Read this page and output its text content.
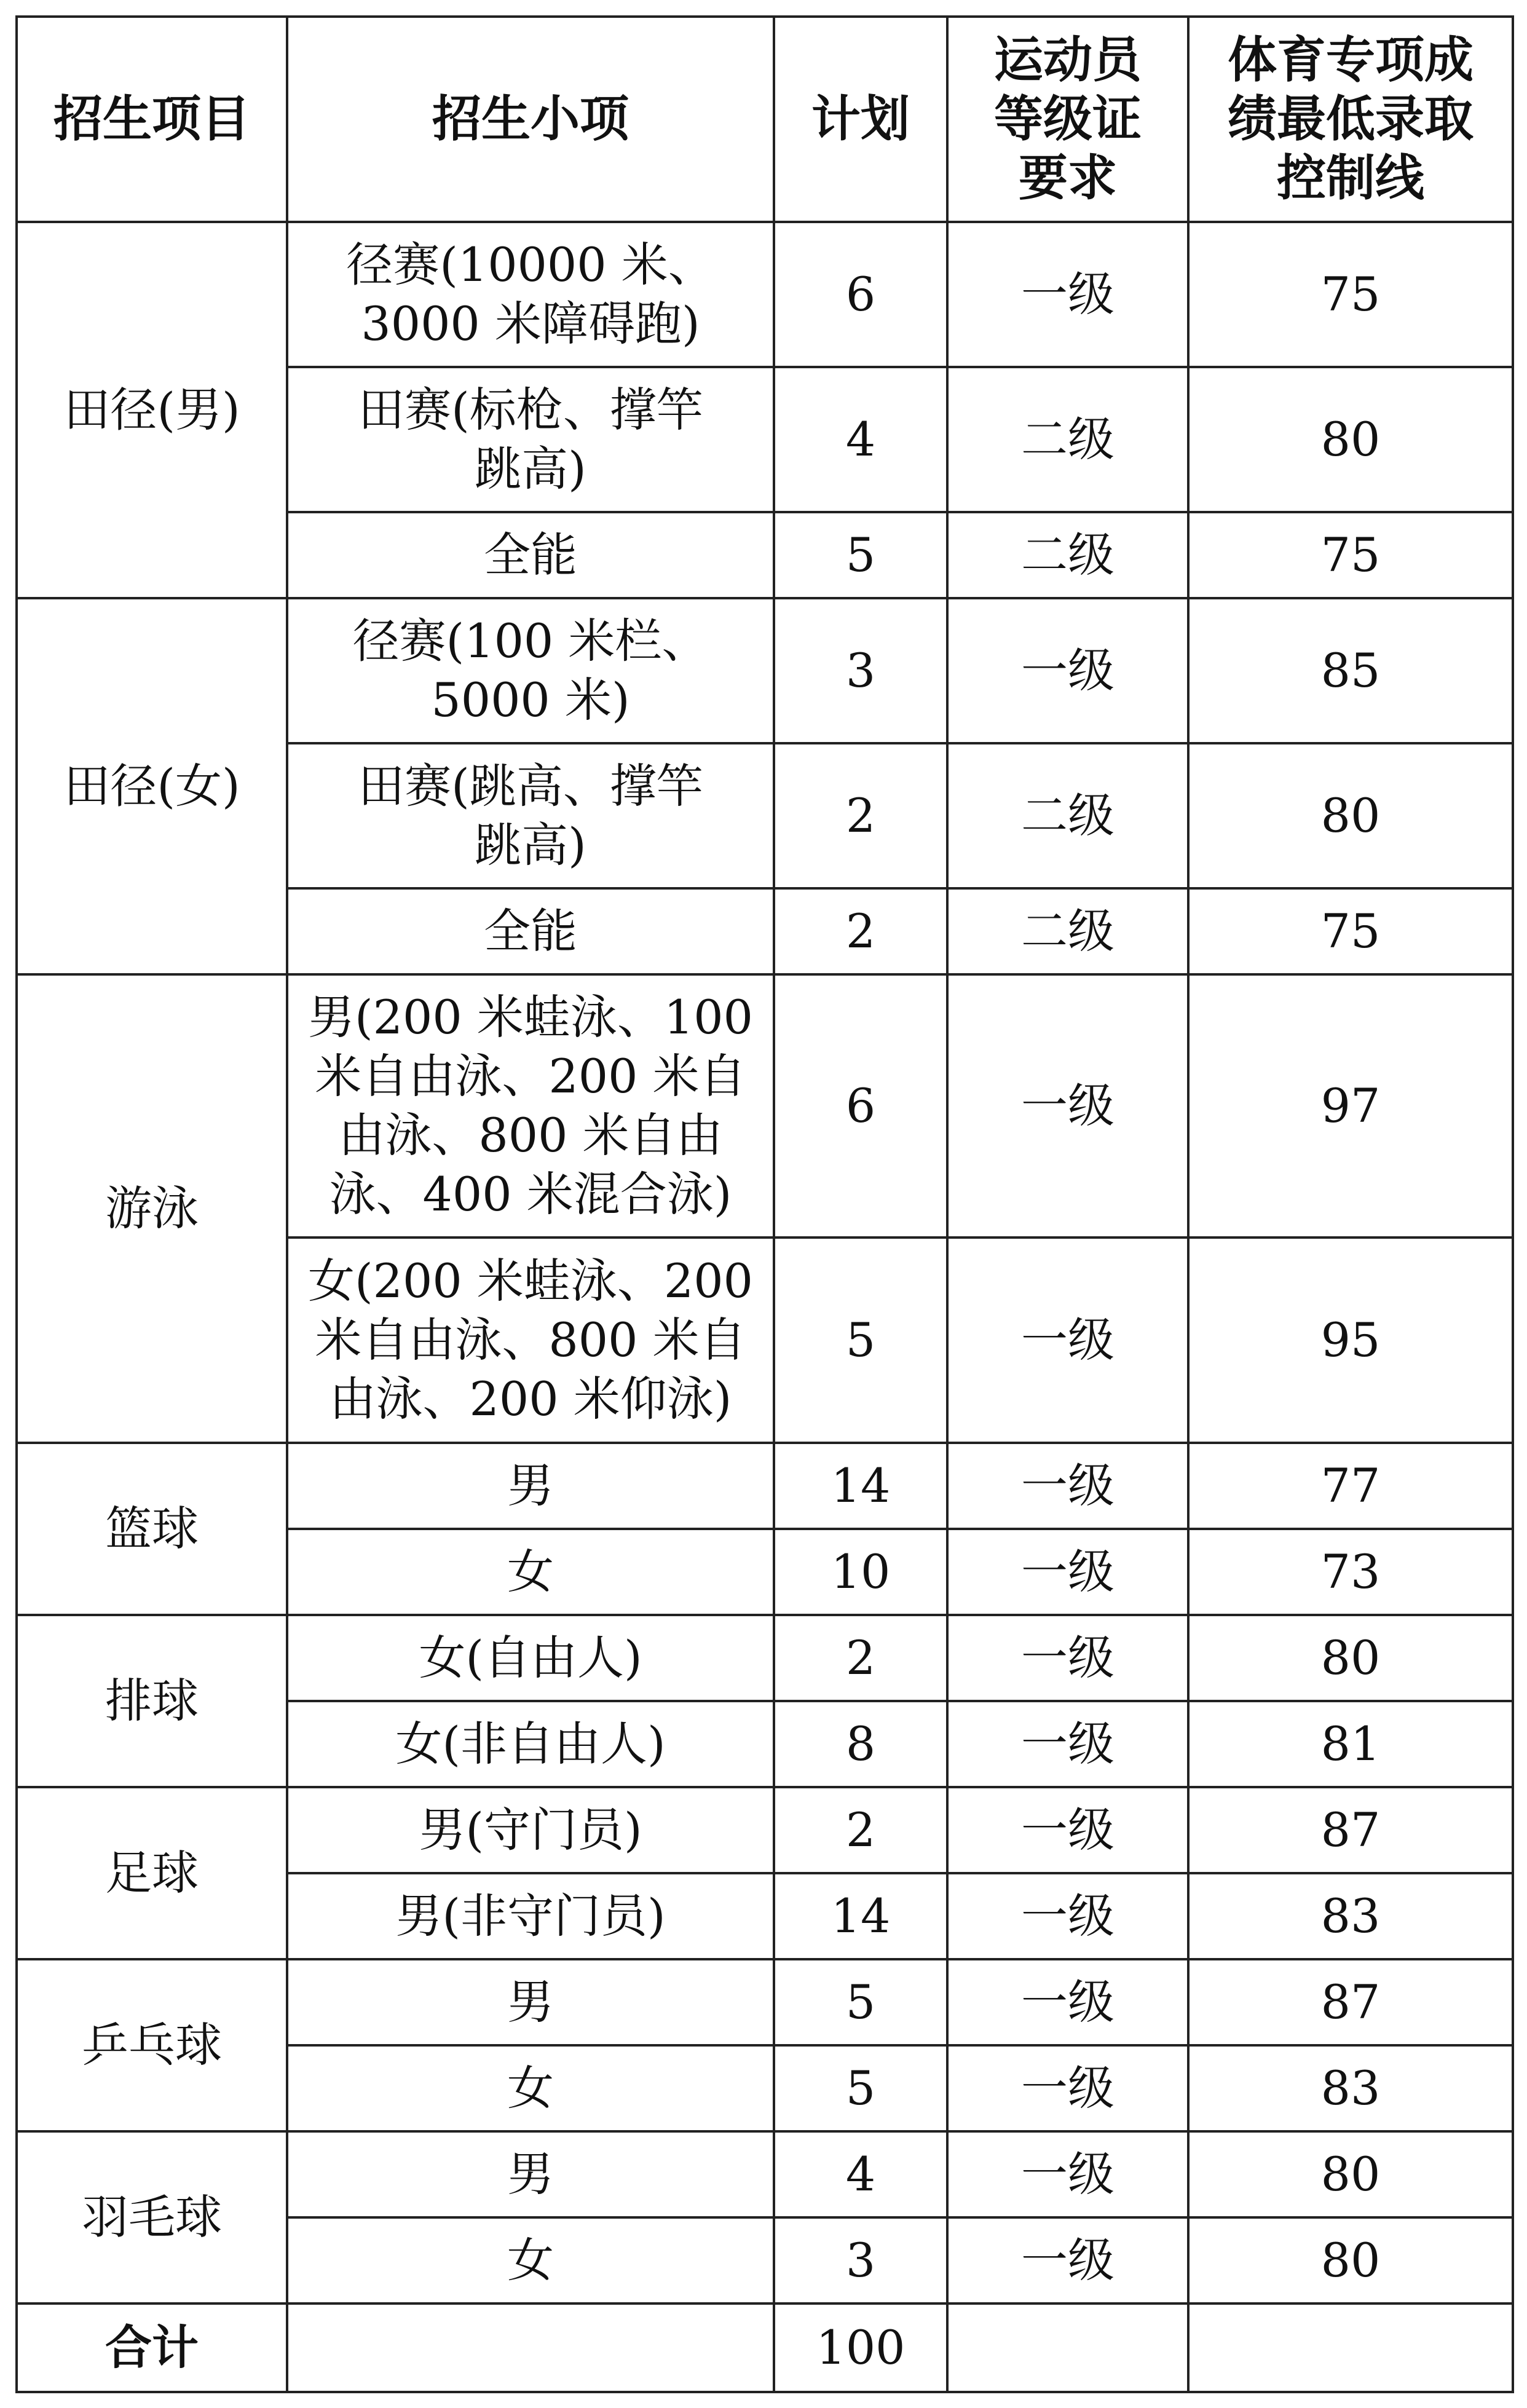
招生项目	招生小项	计划	运动员
等级证
要求	体育专项成
绩最低录取
控制线
田径(男)	径赛(10000 米、
3000 米障碍跑)	6	一级	75
	田赛(标枪、撑竿
跳高)	4	二级	80
	全能	5	二级	75
田径(女)	径赛(100 米栏、
5000 米)	3	一级	85
	田赛(跳高、撑竿
跳高)	2	二级	80
	全能	2	二级	75
游泳	男(200 米蛙泳、100
米自由泳、200 米自
由泳、800 米自由
泳、400 米混合泳)	6	一级	97
	女(200 米蛙泳、200
米自由泳、800 米自
由泳、200 米仰泳)	5	一级	95
篮球	男	14	一级	77
	女	10	一级	73
排球	女(自由人)	2	一级	80
	女(非自由人)	8	一级	81
足球	男(守门员)	2	一级	87
	男(非守门员)	14	一级	83
乒乓球	男	5	一级	87
	女	5	一级	83
羽毛球	男	4	一级	80
	女	3	一级	80
合计		100		
